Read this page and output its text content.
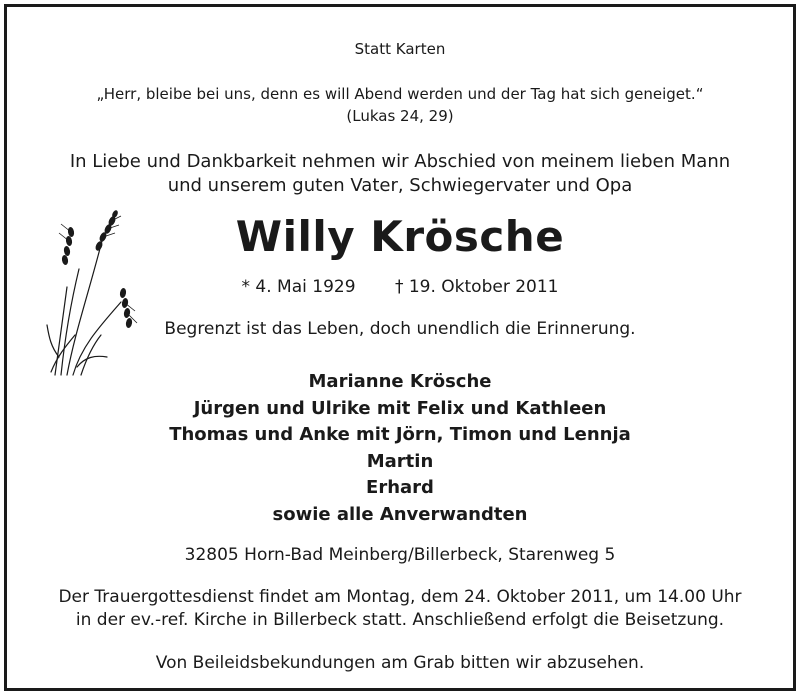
Statt Karten
„Herr, bleibe bei uns, denn es will Abend werden und der Tag hat sich geneiget.“
(Lukas 24, 29)
In Liebe und Dankbarkeit nehmen wir Abschied von meinem lieben Mann
und unserem guten Vater, Schwiegervater und Opa
Willy Krösche
* 4. Mai 1929 † 19. Oktober 2011
Begrenzt ist das Leben, doch unendlich die Erinnerung.
Marianne Krösche
Jürgen und Ulrike mit Felix und Kathleen
Thomas und Anke mit Jörn, Timon und Lennja
Martin
Erhard
sowie alle Anverwandten
32805 Horn-Bad Meinberg/Billerbeck, Starenweg 5
Der Trauergottesdienst findet am Montag, dem 24. Oktober 2011, um 14.00 Uhr
in der ev.-ref. Kirche in Billerbeck statt. Anschließend erfolgt die Beisetzung.
Von Beileidsbekundungen am Grab bitten wir abzusehen.
